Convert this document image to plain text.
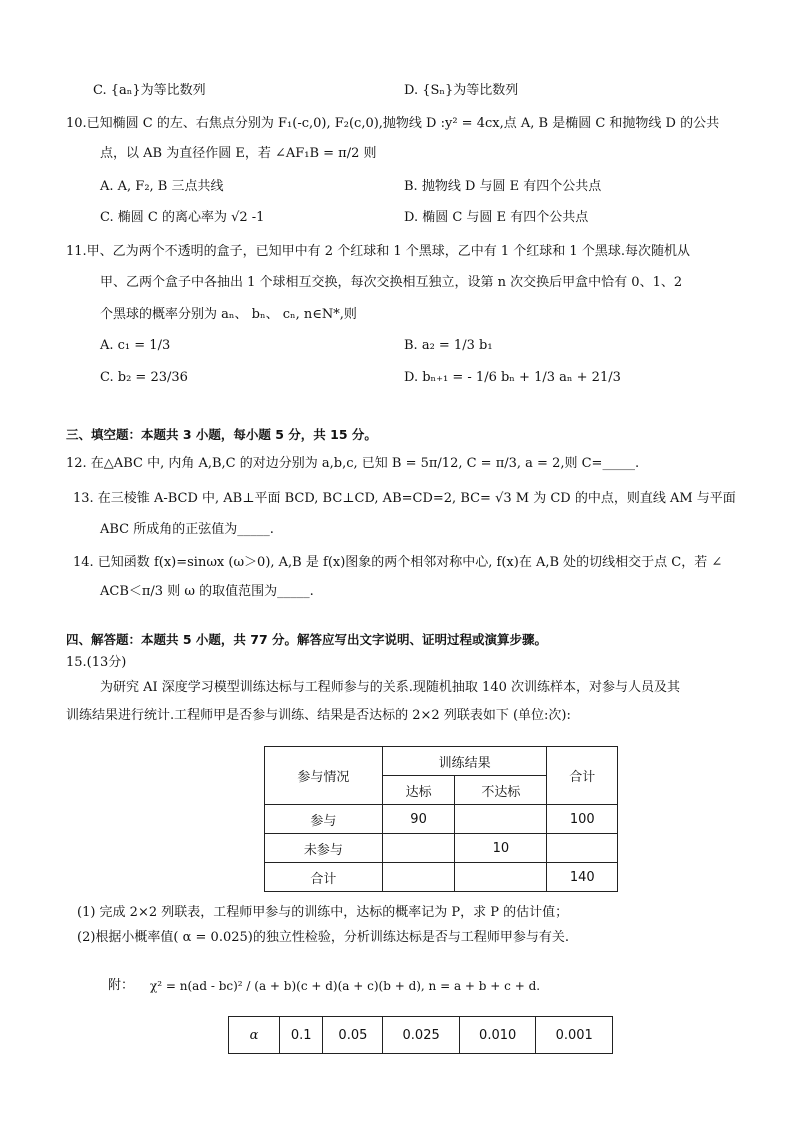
C. {aₙ}为等比数列	D. {Sₙ}为等比数列
10.已知椭圆 C 的左、右焦点分别为 F₁(-c,0), F₂(c,0),抛物线 D :y² = 4cx,点 A, B 是椭圆 C 和抛物线 D 的公共
点，以 AB 为直径作圆 E，若 ∠AF₁B = π/2 则
A. A, F₂, B 三点共线	B. 抛物线 D 与圆 E 有四个公共点
C. 椭圆 C 的离心率为 √2 -1	D. 椭圆 C 与圆 E 有四个公共点
11.甲、乙为两个不透明的盒子，已知甲中有 2 个红球和 1 个黑球，乙中有 1 个红球和 1 个黑球.每次随机从
甲、乙两个盒子中各抽出 1 个球相互交换，每次交换相互独立，设第 n 次交换后甲盒中恰有 0、1、2
个黑球的概率分别为 aₙ、 bₙ、 cₙ, n∈N*,则
A. c₁ = 1/3	B. a₂ = 1/3 b₁
C. b₂ = 23/36	D. bₙ₊₁ = - 1/6 bₙ + 1/3 aₙ + 21/3
三、填空题：本题共 3 小题，每小题 5 分，共 15 分。
12. 在△ABC 中, 内角 A,B,C 的对边分别为 a,b,c, 已知 B = 5π/12, C = π/3, a = 2,则 C=_____.
13. 在三棱锥 A-BCD 中, AB⊥平面 BCD, BC⊥CD, AB=CD=2, BC= √3 M 为 CD 的中点，则直线 AM 与平面
ABC 所成角的正弦值为_____.
14. 已知函数 f(x)=sinωx (ω＞0), A,B 是 f(x)图象的两个相邻对称中心, f(x)在 A,B 处的切线相交于点 C，若 ∠
ACB＜π/3 则 ω 的取值范围为_____.
四、解答题：本题共 5 小题，共 77 分。解答应写出文字说明、证明过程或演算步骤。
15.(13分)
为研究 AI 深度学习模型训练达标与工程师参与的关系.现随机抽取 140 次训练样本，对参与人员及其
训练结果进行统计.工程师甲是否参与训练、结果是否达标的 2×2 列联表如下 (单位:次):
参与情况	训练结果		合计
	达标	不达标	
参与	90		100
未参与		10	
合计			140
(1) 完成 2×2 列联表，工程师甲参与的训练中，达标的概率记为 P，求 P 的估计值；
(2)根据小概率值( α = 0.025)的独立性检验，分析训练达标是否与工程师甲参与有关.
附： χ² = n(ad - bc)² / (a + b)(c + d)(a + c)(b + d), n = a + b + c + d.
α	0.1	0.05	0.025	0.010	0.001
